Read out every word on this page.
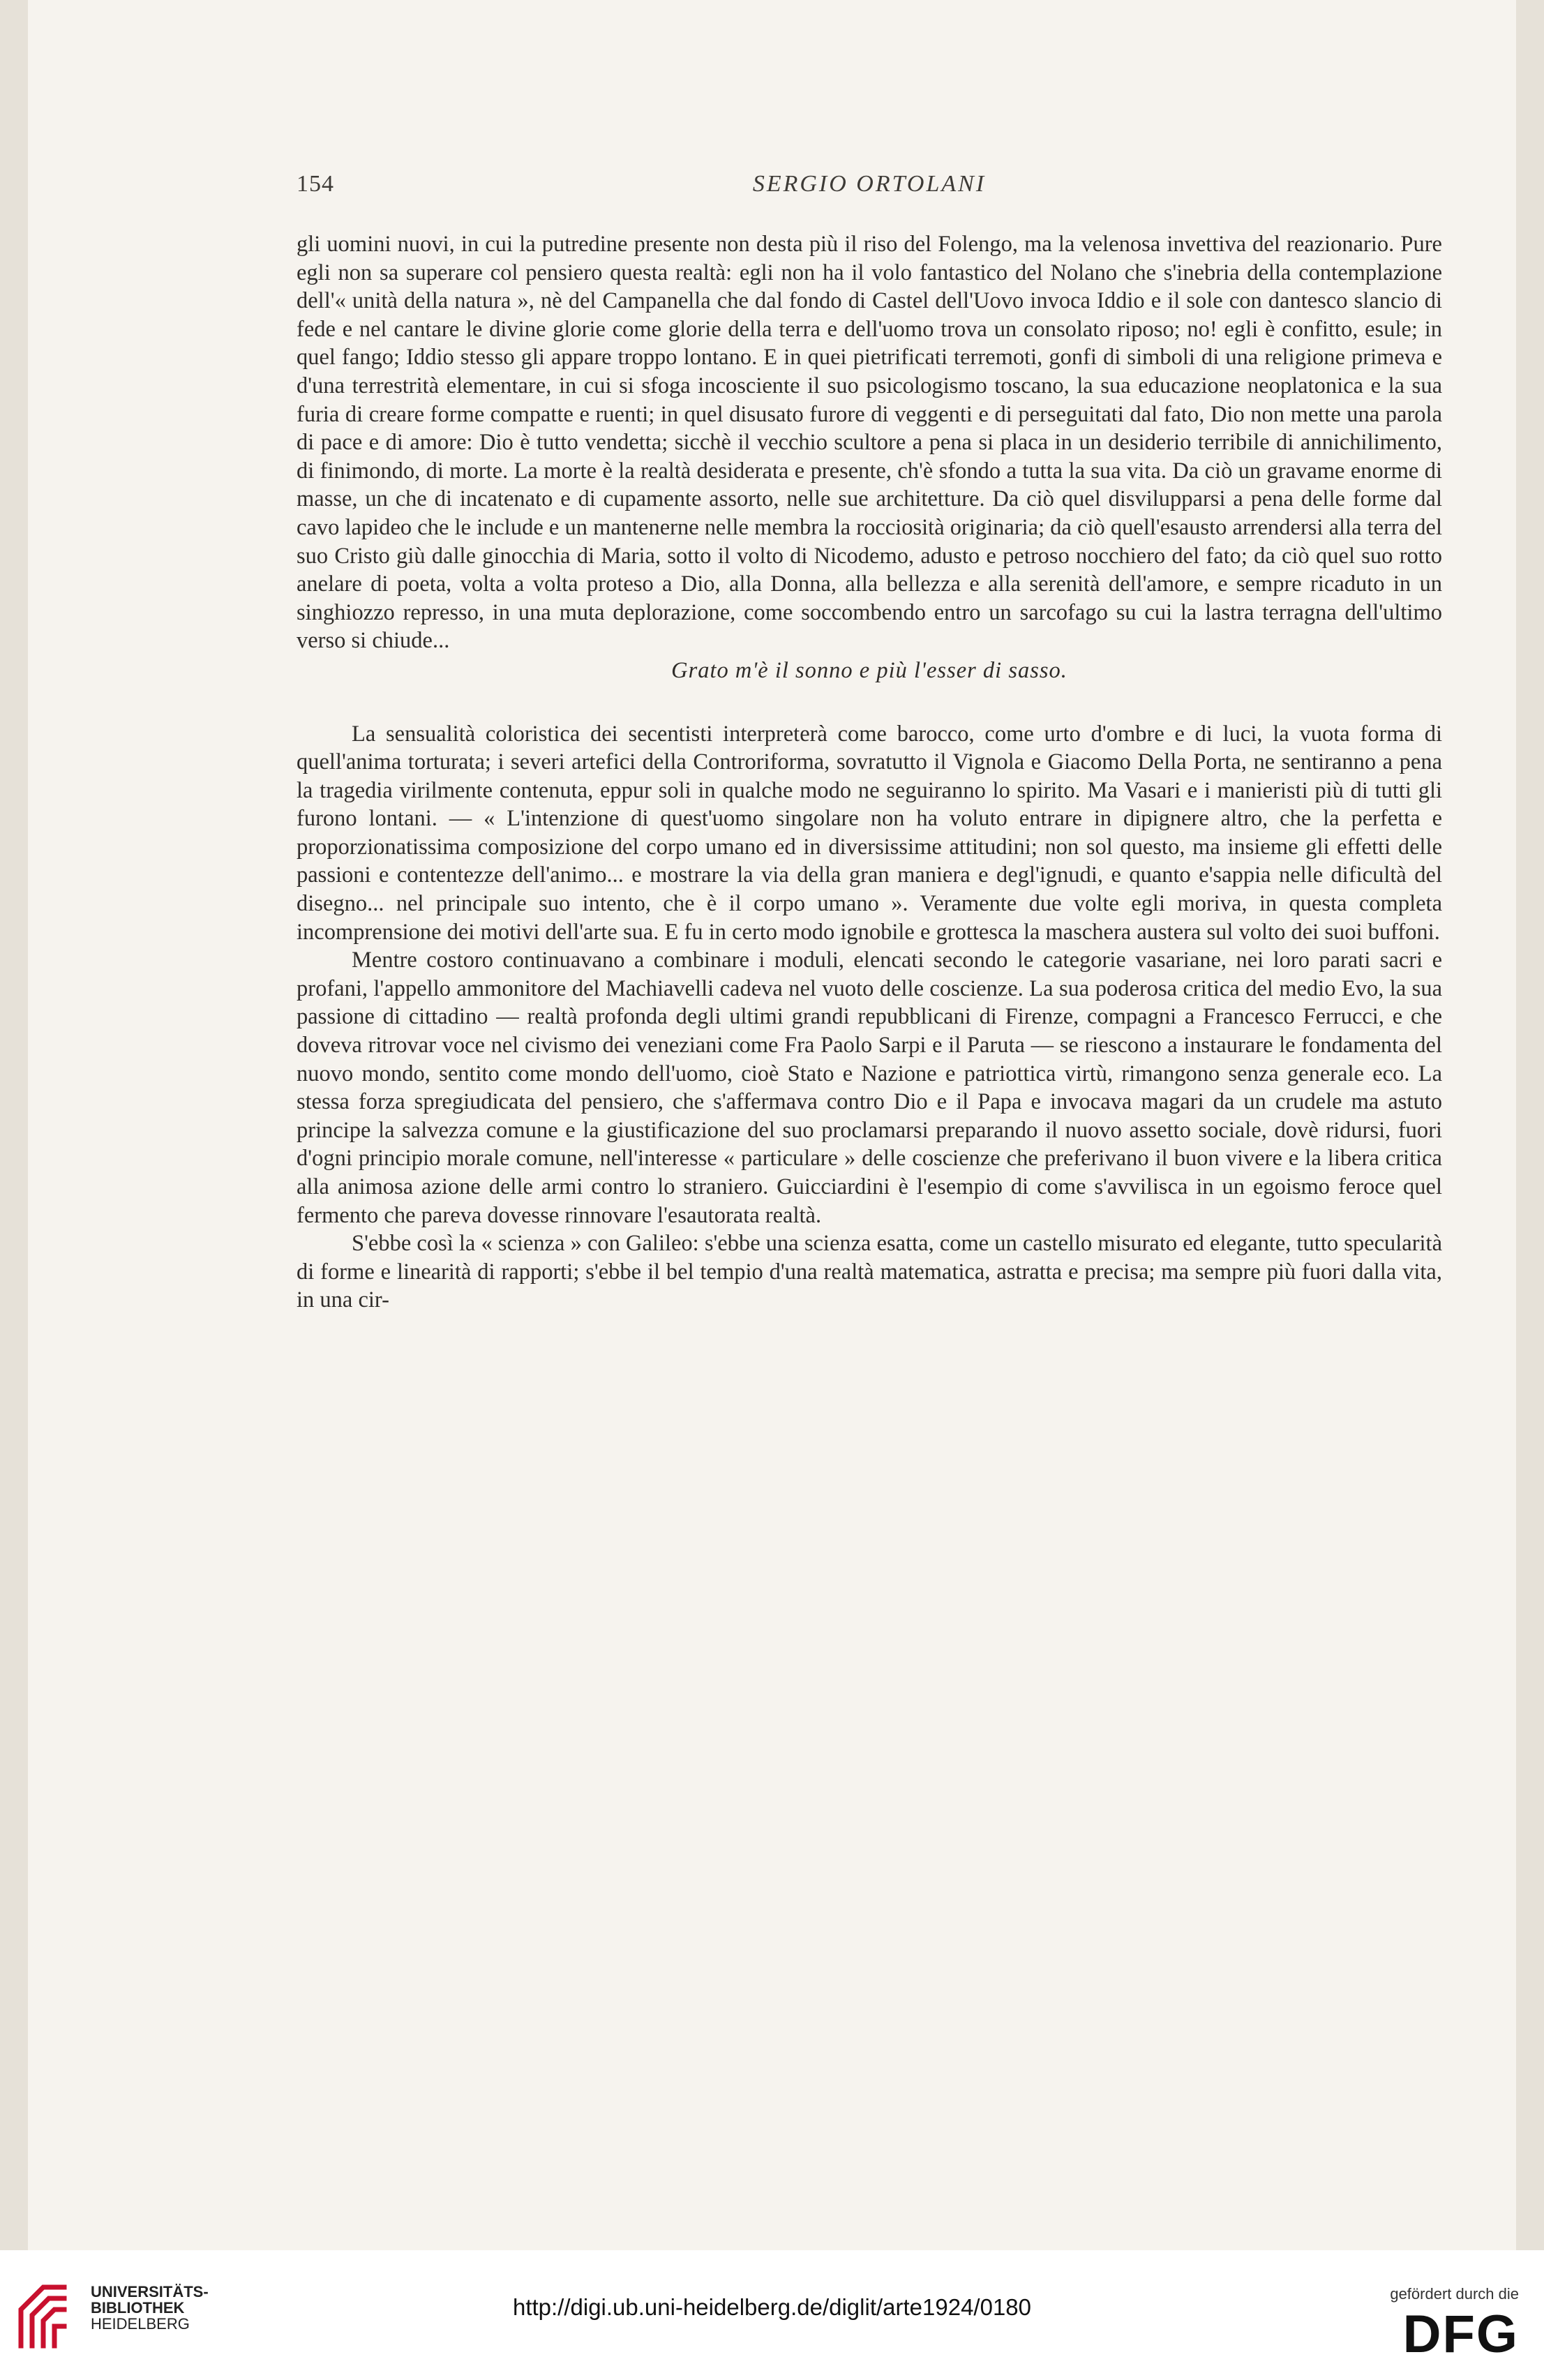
154	SERGIO ORTOLANI

gli uomini nuovi, in cui la putredine presente non desta più il riso del Folengo, ma la velenosa invettiva del reazionario. Pure egli non sa superare col pensiero questa realtà: egli non ha il volo fantastico del Nolano che s'inebria della contemplazione dell'« unità della natura », nè del Campanella che dal fondo di Castel dell'Uovo invoca Iddio e il sole con dantesco slancio di fede e nel cantare le divine glorie come glorie della terra e dell'uomo trova un consolato riposo; no! egli è confitto, esule; in quel fango; Iddio stesso gli appare troppo lontano. E in quei pietrificati terremoti, gonfi di simboli di una religione primeva e d'una terrestrità elementare, in cui si sfoga incosciente il suo psicologismo toscano, la sua educazione neoplatonica e la sua furia di creare forme compatte e ruenti; in quel disusato furore di veggenti e di perseguitati dal fato, Dio non mette una parola di pace e di amore: Dio è tutto vendetta; sicchè il vecchio scultore a pena si placa in un desiderio terribile di annichilimento, di finimondo, di morte. La morte è la realtà desiderata e presente, ch'è sfondo a tutta la sua vita. Da ciò un gravame enorme di masse, un che di incatenato e di cupamente assorto, nelle sue architetture. Da ciò quel disvilupparsi a pena delle forme dal cavo lapideo che le include e un mantenerne nelle membra la rocciosità originaria; da ciò quell'esausto arrendersi alla terra del suo Cristo giù dalle ginocchia di Maria, sotto il volto di Nicodemo, adusto e petroso nocchiero del fato; da ciò quel suo rotto anelare di poeta, volta a volta proteso a Dio, alla Donna, alla bellezza e alla serenità dell'amore, e sempre ricaduto in un singhiozzo represso, in una muta deplorazione, come soccombendo entro un sarcofago su cui la lastra terragna dell'ultimo verso si chiude...

Grato m'è il sonno e più l'esser di sasso.

La sensualità coloristica dei secentisti interpreterà come barocco, come urto d'ombre e di luci, la vuota forma di quell'anima torturata; i severi artefici della Controriforma, sovratutto il Vignola e Giacomo Della Porta, ne sentiranno a pena la tragedia virilmente contenuta, eppur soli in qualche modo ne seguiranno lo spirito. Ma Vasari e i manieristi più di tutti gli furono lontani. — « L'intenzione di quest'uomo singolare non ha voluto entrare in dipignere altro, che la perfetta e proporzionatissima composizione del corpo umano ed in diversissime attitudini; non sol questo, ma insieme gli effetti delle passioni e contentezze dell'animo... e mostrare la via della gran maniera e degl'ignudi, e quanto e'sappia nelle dificultà del disegno... nel principale suo intento, che è il corpo umano ». Veramente due volte egli moriva, in questa completa incomprensione dei motivi dell'arte sua. E fu in certo modo ignobile e grottesca la maschera austera sul volto dei suoi buffoni.

Mentre costoro continuavano a combinare i moduli, elencati secondo le categorie vasariane, nei loro parati sacri e profani, l'appello ammonitore del Machiavelli cadeva nel vuoto delle coscienze. La sua poderosa critica del medio Evo, la sua passione di cittadino — realtà profonda degli ultimi grandi repubblicani di Firenze, compagni a Francesco Ferrucci, e che doveva ritrovar voce nel civismo dei veneziani come Fra Paolo Sarpi e il Paruta — se riescono a instaurare le fondamenta del nuovo mondo, sentito come mondo dell'uomo, cioè Stato e Nazione e patriottica virtù, rimangono senza generale eco. La stessa forza spregiudicata del pensiero, che s'affermava contro Dio e il Papa e invocava magari da un crudele ma astuto principe la salvezza comune e la giustificazione del suo proclamarsi preparando il nuovo assetto sociale, dovè ridursi, fuori d'ogni principio morale comune, nell'interesse « particulare » delle coscienze che preferivano il buon vivere e la libera critica alla animosa azione delle armi contro lo straniero. Guicciardini è l'esempio di come s'avvilisca in un egoismo feroce quel fermento che pareva dovesse rinnovare l'esautorata realtà.

S'ebbe così la « scienza » con Galileo: s'ebbe una scienza esatta, come un castello misurato ed elegante, tutto specularità di forme e linearità di rapporti; s'ebbe il bel tempio d'una realtà matematica, astratta e precisa; ma sempre più fuori dalla vita, in una cir-

UNIVERSITÄTS-
BIBLIOTHEK
HEIDELBERG
http://digi.ub.uni-heidelberg.de/diglit/arte1924/0180
gefördert durch die
DFG
